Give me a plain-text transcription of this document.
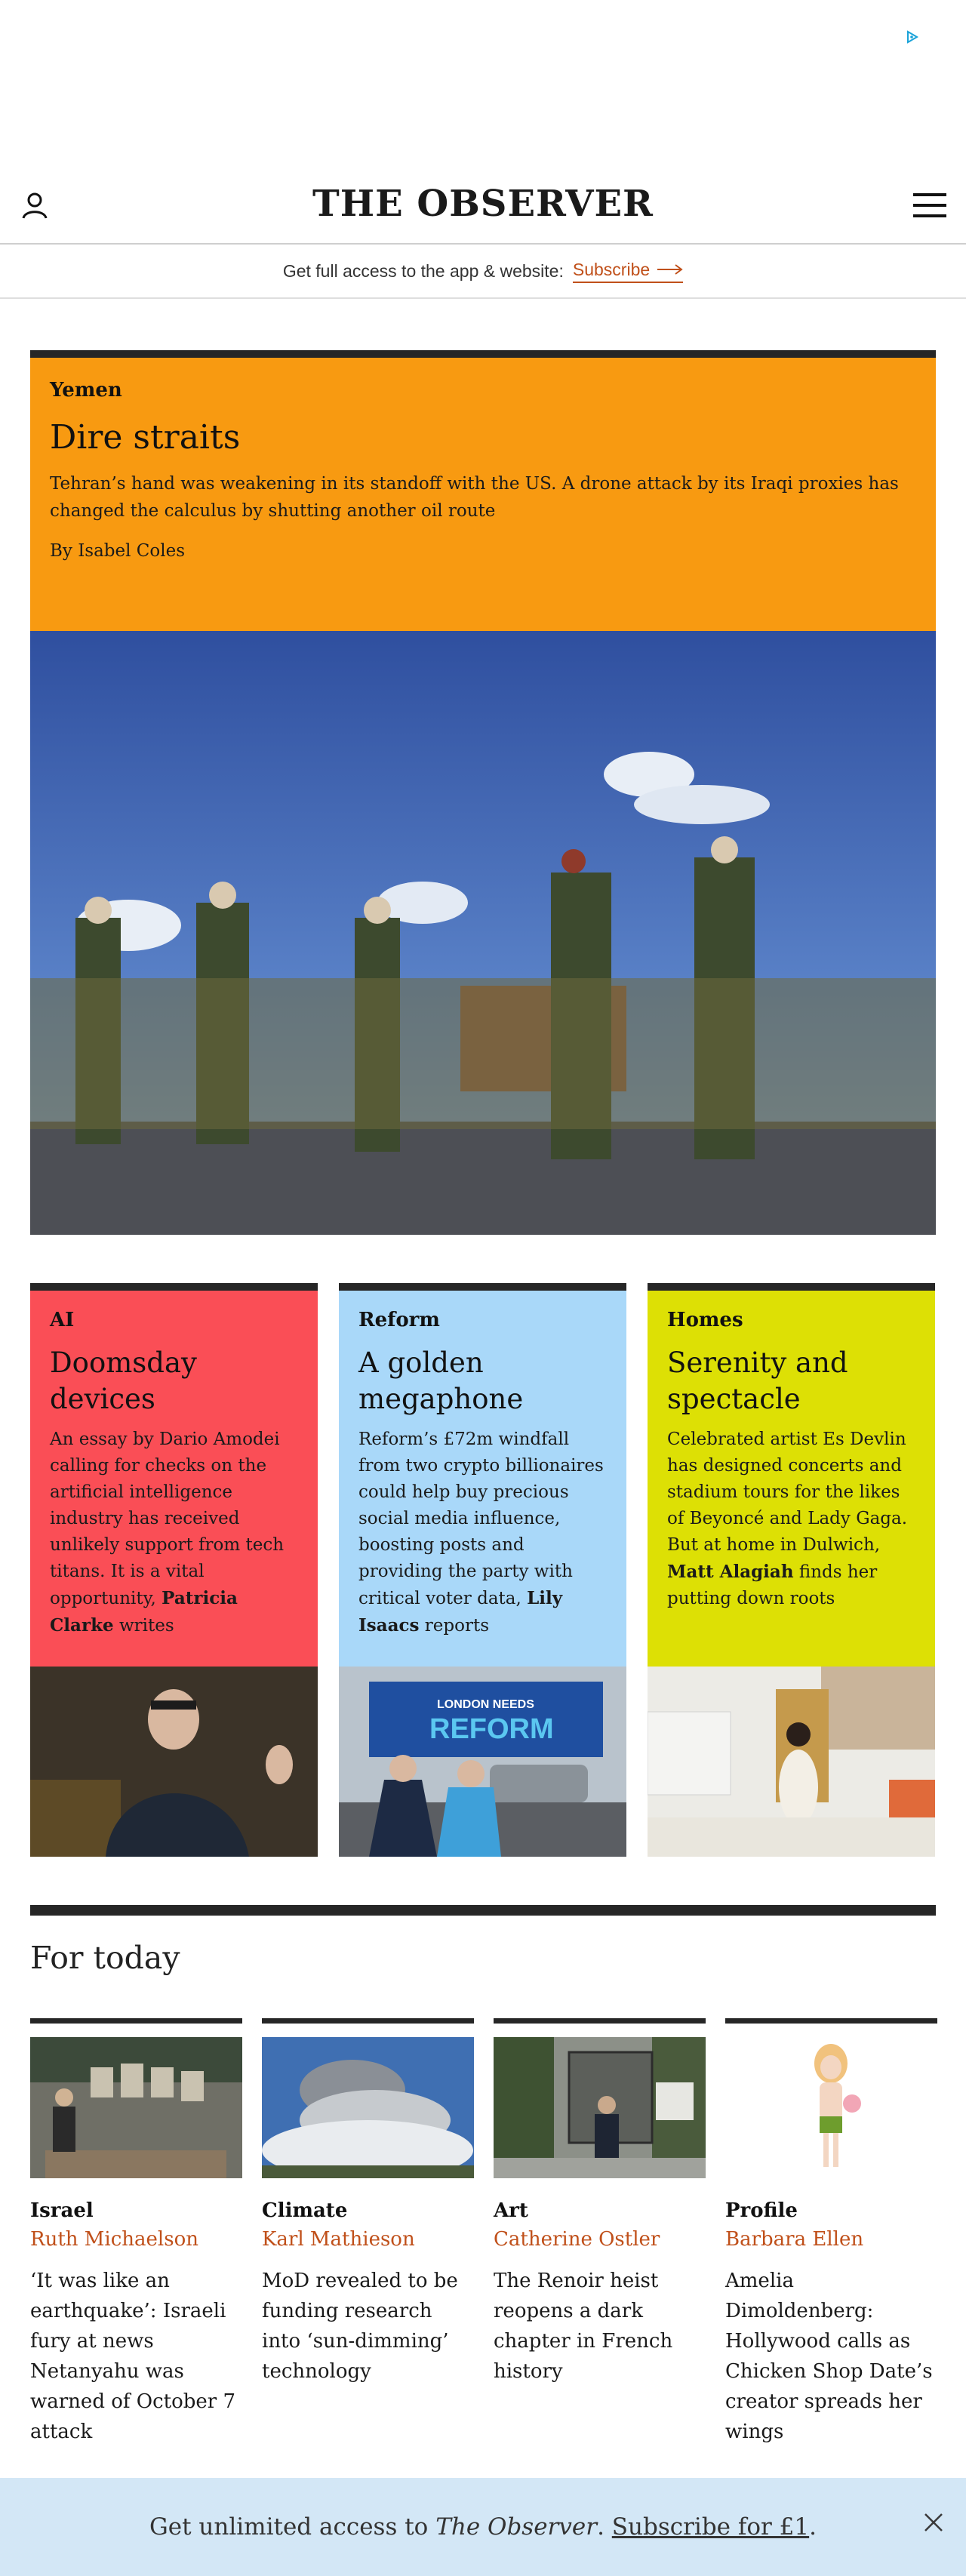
THE OBSERVER
Get full access to the app & website: Subscribe
Yemen
Dire straits

Tehran’s hand was weakening in its standoff with the US. A drone attack by its Iraqi proxies has changed the calculus by shutting another oil route

By Isabel Coles

AI
Doomsday devices

An essay by Dario Amodei calling for checks on the artificial intelligence industry has received unlikely support from tech titans. It is a vital opportunity, Patricia Clarke writes

Reform
A golden megaphone

Reform’s £72m windfall from two crypto billionaires could help buy precious social media influence, boosting posts and providing the party with critical voter data, Lily Isaacs reports

LONDON NEEDS
REFORM
Homes
Serenity and spectacle

Celebrated artist Es Devlin has designed concerts and stadium tours for the likes of Beyoncé and Lady Gaga. But at home in Dulwich, Matt Alagiah finds her putting down roots

For today
Israel
Ruth Michaelson

‘It was like an earthquake’: Israeli fury at news Netanyahu was warned of October 7 attack

Climate
Karl Mathieson

MoD revealed to be funding research into ‘sun-dimming’ technology

Art
Catherine Ostler

The Renoir heist reopens a dark chapter in French history

Profile
Barbara Ellen

Amelia Dimoldenberg: Hollywood calls as Chicken Shop Date’s creator spreads her wings

Get unlimited access to The Observer. Subscribe for £1.
